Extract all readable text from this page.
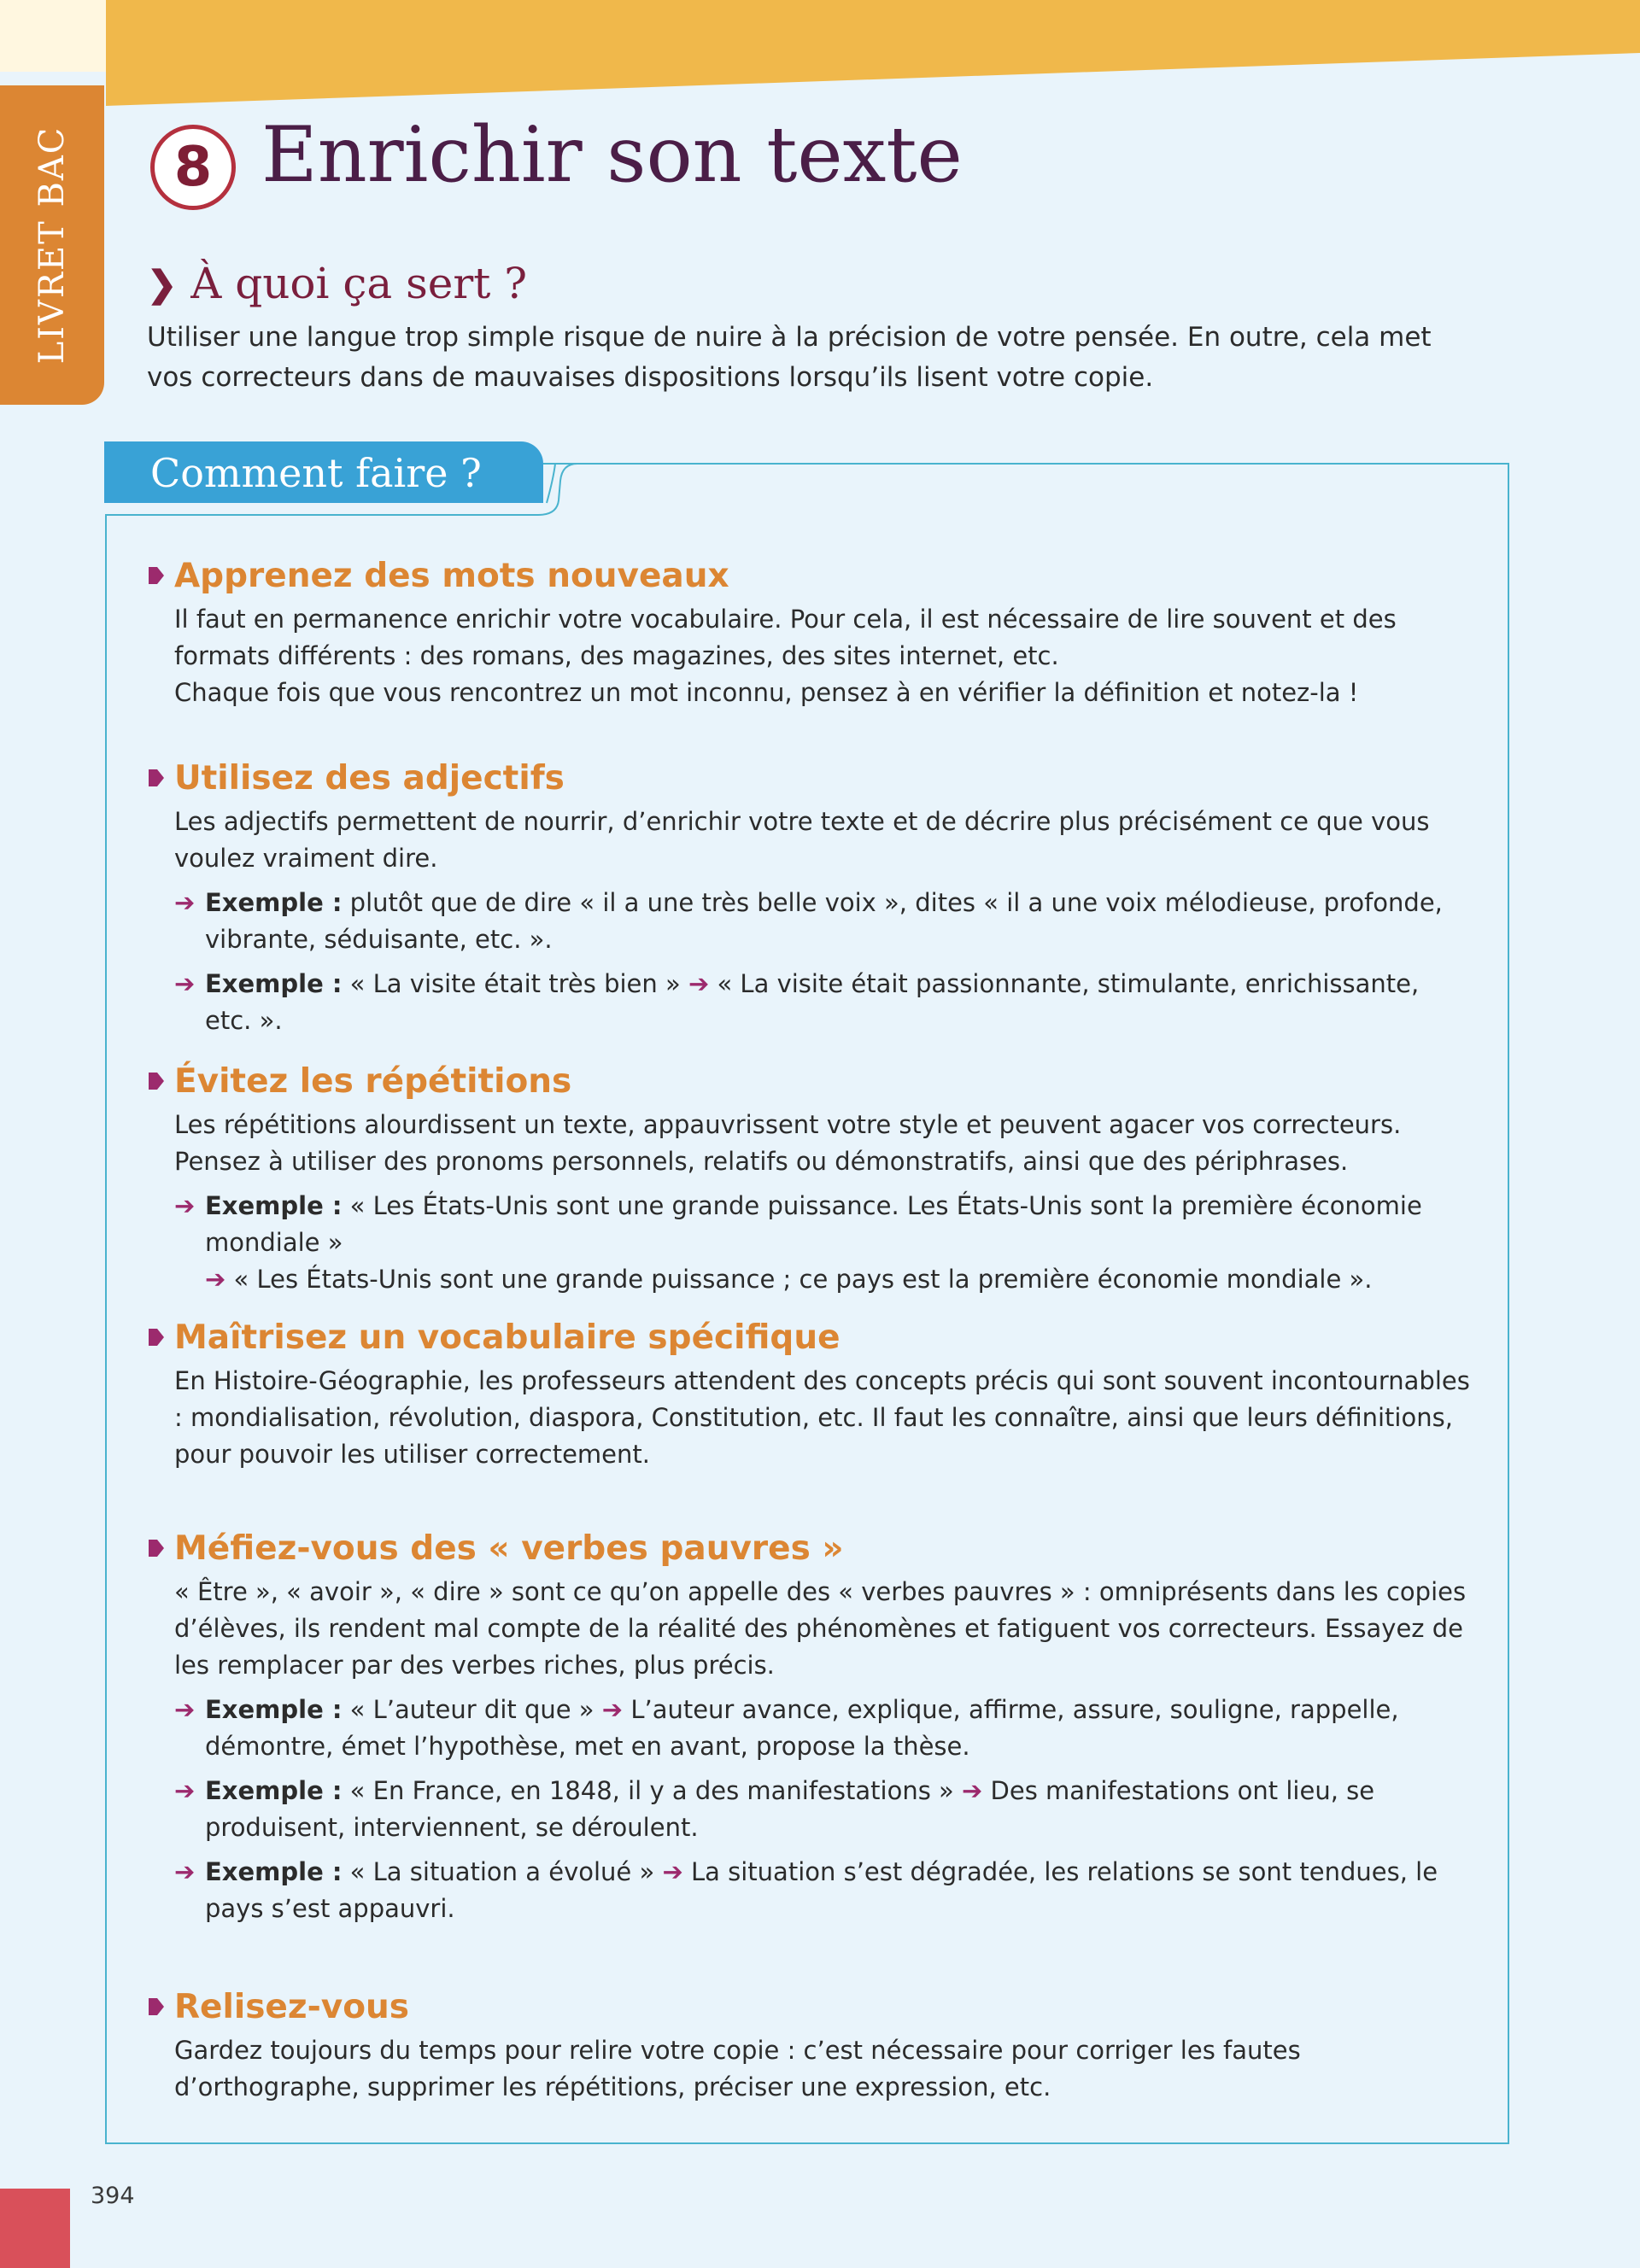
LIVRET BAC 8 Enrichir son texte
❯ À quoi ça sert ?

Utiliser une langue trop simple risque de nuire à la précision de votre pensée. En outre, cela met vos correcteurs dans de mauvaises dispositions lorsqu’ils lisent votre copie.

Comment faire ?
Apprenez des mots nouveaux

Il faut en permanence enrichir votre vocabulaire. Pour cela, il est nécessaire de lire souvent et des formats différents : des romans, des magazines, des sites internet, etc.

Chaque fois que vous rencontrez un mot inconnu, pensez à en vérifier la définition et notez-la !

Utilisez des adjectifs

Les adjectifs permettent de nourrir, d’enrichir votre texte et de décrire plus précisément ce que vous voulez vraiment dire.

➔ Exemple : plutôt que de dire « il a une très belle voix », dites « il a une voix mélodieuse, profonde, vibrante, séduisante, etc. ».

➔ Exemple : « La visite était très bien » ➔ « La visite était passionnante, stimulante, enrichissante, etc. ».

Évitez les répétitions

Les répétitions alourdissent un texte, appauvrissent votre style et peuvent agacer vos correcteurs. Pensez à utiliser des pronoms personnels, relatifs ou démonstratifs, ainsi que des périphrases.

➔ Exemple : « Les États-Unis sont une grande puissance. Les États-Unis sont la première économie mondiale »
➔ « Les États-Unis sont une grande puissance ; ce pays est la première économie mondiale ».

Maîtrisez un vocabulaire spécifique

En Histoire-Géographie, les professeurs attendent des concepts précis qui sont souvent incontournables : mondialisation, révolution, diaspora, Constitution, etc. Il faut les connaître, ainsi que leurs définitions, pour pouvoir les utiliser correctement.

Méfiez-vous des « verbes pauvres »

« Être », « avoir », « dire » sont ce qu’on appelle des « verbes pauvres » : omniprésents dans les copies d’élèves, ils rendent mal compte de la réalité des phénomènes et fatiguent vos correcteurs. Essayez de les remplacer par des verbes riches, plus précis.

➔ Exemple : « L’auteur dit que » ➔ L’auteur avance, explique, affirme, assure, souligne, rappelle, démontre, émet l’hypothèse, met en avant, propose la thèse.

➔ Exemple : « En France, en 1848, il y a des manifestations » ➔ Des manifestations ont lieu, se produisent, interviennent, se déroulent.

➔ Exemple : « La situation a évolué » ➔ La situation s’est dégradée, les relations se sont tendues, le pays s’est appauvri.

Relisez-vous

Gardez toujours du temps pour relire votre copie : c’est nécessaire pour corriger les fautes d’orthographe, supprimer les répétitions, préciser une expression, etc.

394
